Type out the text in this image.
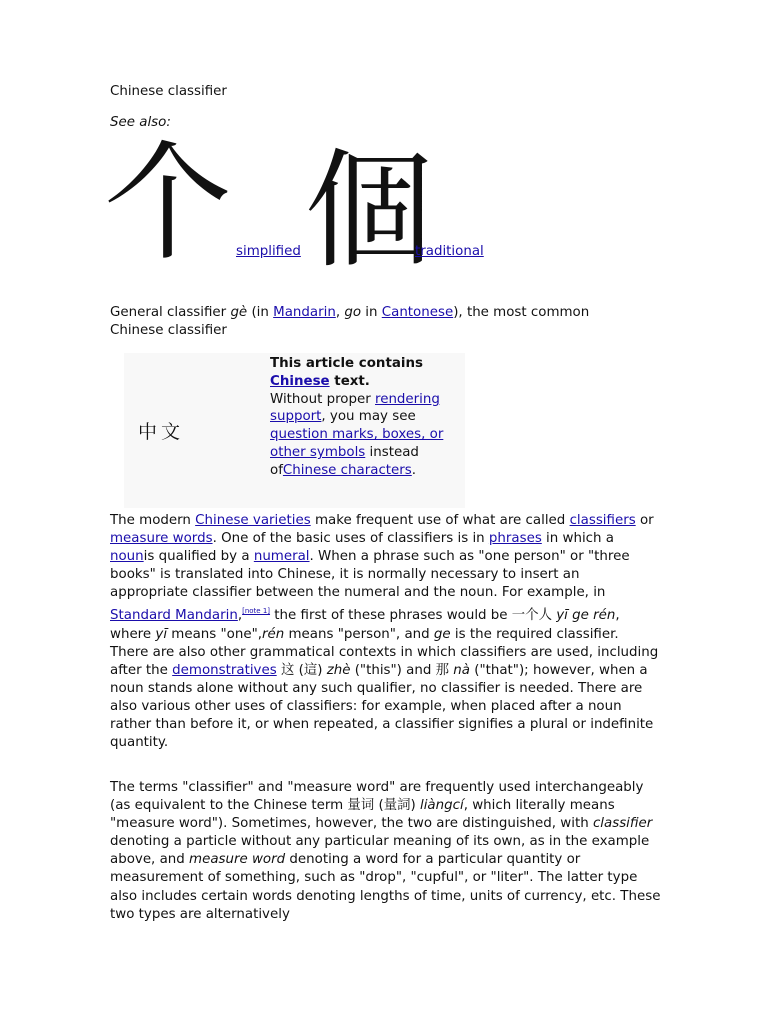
Chinese classifier
See also:
个 simplified 個
traditional
General classifier gè (in Mandarin, go in Cantonese), the most common Chinese classifier
中文
This article contains Chinese text.
Without proper rendering support, you may see question marks, boxes, or other symbols instead ofChinese characters.
The modern Chinese varieties make frequent use of what are called classifiers or measure words. One of the basic uses of classifiers is in phrases in which a nounis qualified by a numeral. When a phrase such as "one person" or "three books" is translated into Chinese, it is normally necessary to insert an appropriate classifier between the numeral and the noun. For example, in Standard Mandarin,[note 1] the first of these phrases would be 一个人 yī ge rén, where yī means "one",rén means "person", and ge is the required classifier. There are also other grammatical contexts in which classifiers are used, including after the demonstratives 这 (這) zhè ("this") and 那 nà ("that"); however, when a noun stands alone without any such qualifier, no classifier is needed. There are also various other uses of classifiers: for example, when placed after a noun rather than before it, or when repeated, a classifier signifies a plural or indefinite quantity.
The terms "classifier" and "measure word" are frequently used interchangeably (as equivalent to the Chinese term 量词 (量詞) liàngcí, which literally means "measure word"). Sometimes, however, the two are distinguished, with classifier denoting a particle without any particular meaning of its own, as in the example above, and measure word denoting a word for a particular quantity or measurement of something, such as "drop", "cupful", or "liter". The latter type also includes certain words denoting lengths of time, units of currency, etc. These two types are alternatively
